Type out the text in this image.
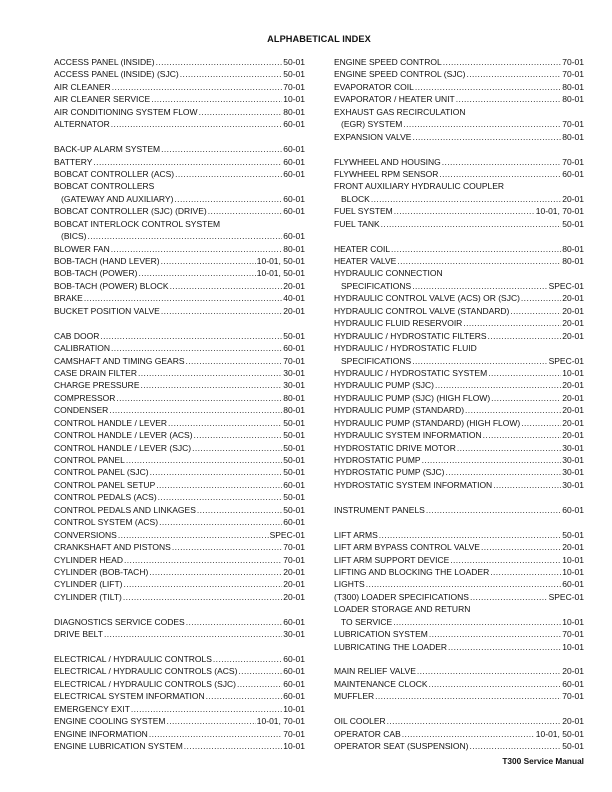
ALPHABETICAL INDEX
ACCESS PANEL (INSIDE) .....	50-01
ACCESS PANEL (INSIDE) (SJC) .....	50-01
AIR CLEANER .....	70-01
AIR CLEANER SERVICE .....	10-01
AIR CONDITIONING SYSTEM FLOW .....	80-01
ALTERNATOR .....	60-01
BACK-UP ALARM SYSTEM .....	60-01
BATTERY .....	60-01
BOBCAT CONTROLLER (ACS) .....	60-01
BOBCAT CONTROLLERS
(GATEWAY AND AUXILIARY) .....	60-01
BOBCAT CONTROLLER (SJC) (DRIVE) .....	60-01
BOBCAT INTERLOCK CONTROL SYSTEM
(BICS) .....	60-01
BLOWER FAN .....	80-01
BOB-TACH (HAND LEVER) .....	10-01, 50-01
BOB-TACH (POWER) .....	10-01, 50-01
BOB-TACH (POWER) BLOCK .....	20-01
BRAKE .....	40-01
BUCKET POSITION VALVE .....	20-01
CAB DOOR .....	50-01
CALIBRATION .....	60-01
CAMSHAFT AND TIMING GEARS .....	70-01
CASE DRAIN FILTER .....	30-01
CHARGE PRESSURE .....	30-01
COMPRESSOR .....	80-01
CONDENSER .....	80-01
CONTROL HANDLE / LEVER .....	50-01
CONTROL HANDLE / LEVER (ACS) .....	50-01
CONTROL HANDLE / LEVER (SJC) .....	50-01
CONTROL PANEL .....	50-01
CONTROL PANEL (SJC) .....	50-01
CONTROL PANEL SETUP .....	60-01
CONTROL PEDALS (ACS) .....	50-01
CONTROL PEDALS AND LINKAGES .....	50-01
CONTROL SYSTEM (ACS) .....	60-01
CONVERSIONS .....	SPEC-01
CRANKSHAFT AND PISTONS .....	70-01
CYLINDER HEAD .....	70-01
CYLINDER (BOB-TACH) .....	20-01
CYLINDER (LIFT) .....	20-01
CYLINDER (TILT) .....	20-01
DIAGNOSTICS SERVICE CODES .....	60-01
DRIVE BELT .....	30-01
ELECTRICAL / HYDRAULIC CONTROLS .....	60-01
ELECTRICAL / HYDRAULIC CONTROLS (ACS) .....	60-01
ELECTRICAL / HYDRAULIC CONTROLS (SJC) .....	60-01
ELECTRICAL SYSTEM INFORMATION .....	60-01
EMERGENCY EXIT .....	10-01
ENGINE COOLING SYSTEM .....	10-01, 70-01
ENGINE INFORMATION .....	70-01
ENGINE LUBRICATION SYSTEM .....	10-01
ENGINE SPEED CONTROL .....	70-01
ENGINE SPEED CONTROL (SJC) .....	70-01
EVAPORATOR COIL .....	80-01
EVAPORATOR / HEATER UNIT .....	80-01
EXHAUST GAS RECIRCULATION
(EGR) SYSTEM .....	70-01
EXPANSION VALVE .....	80-01
FLYWHEEL AND HOUSING .....	70-01
FLYWHEEL RPM SENSOR .....	60-01
FRONT AUXILIARY HYDRAULIC COUPLER
BLOCK .....	20-01
FUEL SYSTEM .....	10-01, 70-01
FUEL TANK .....	50-01
HEATER COIL .....	80-01
HEATER VALVE .....	80-01
HYDRAULIC CONNECTION
SPECIFICATIONS .....	SPEC-01
HYDRAULIC CONTROL VALVE (ACS) OR (SJC) .....	20-01
HYDRAULIC CONTROL VALVE (STANDARD) .....	20-01
HYDRAULIC FLUID RESERVOIR .....	20-01
HYDRAULIC / HYDROSTATIC FILTERS .....	20-01
HYDRAULIC / HYDROSTATIC FLUID
SPECIFICATIONS .....	SPEC-01
HYDRAULIC / HYDROSTATIC SYSTEM .....	10-01
HYDRAULIC PUMP (SJC) .....	20-01
HYDRAULIC PUMP (SJC) (HIGH FLOW) .....	20-01
HYDRAULIC PUMP (STANDARD) .....	20-01
HYDRAULIC PUMP (STANDARD) (HIGH FLOW) .....	20-01
HYDRAULIC SYSTEM INFORMATION .....	20-01
HYDROSTATIC DRIVE MOTOR .....	30-01
HYDROSTATIC PUMP .....	30-01
HYDROSTATIC PUMP (SJC) .....	30-01
HYDROSTATIC SYSTEM INFORMATION .....	30-01
INSTRUMENT PANELS .....	60-01
LIFT ARMS .....	50-01
LIFT ARM BYPASS CONTROL VALVE .....	20-01
LIFT ARM SUPPORT DEVICE .....	10-01
LIFTING AND BLOCKING THE LOADER .....	10-01
LIGHTS .....	60-01
(T300) LOADER SPECIFICATIONS .....	SPEC-01
LOADER STORAGE AND RETURN
TO SERVICE .....	10-01
LUBRICATION SYSTEM .....	70-01
LUBRICATING THE LOADER .....	10-01
MAIN RELIEF VALVE .....	20-01
MAINTENANCE CLOCK .....	60-01
MUFFLER .....	70-01
OIL COOLER .....	20-01
OPERATOR CAB .....	10-01, 50-01
OPERATOR SEAT (SUSPENSION) .....	50-01
T300 Service Manual
